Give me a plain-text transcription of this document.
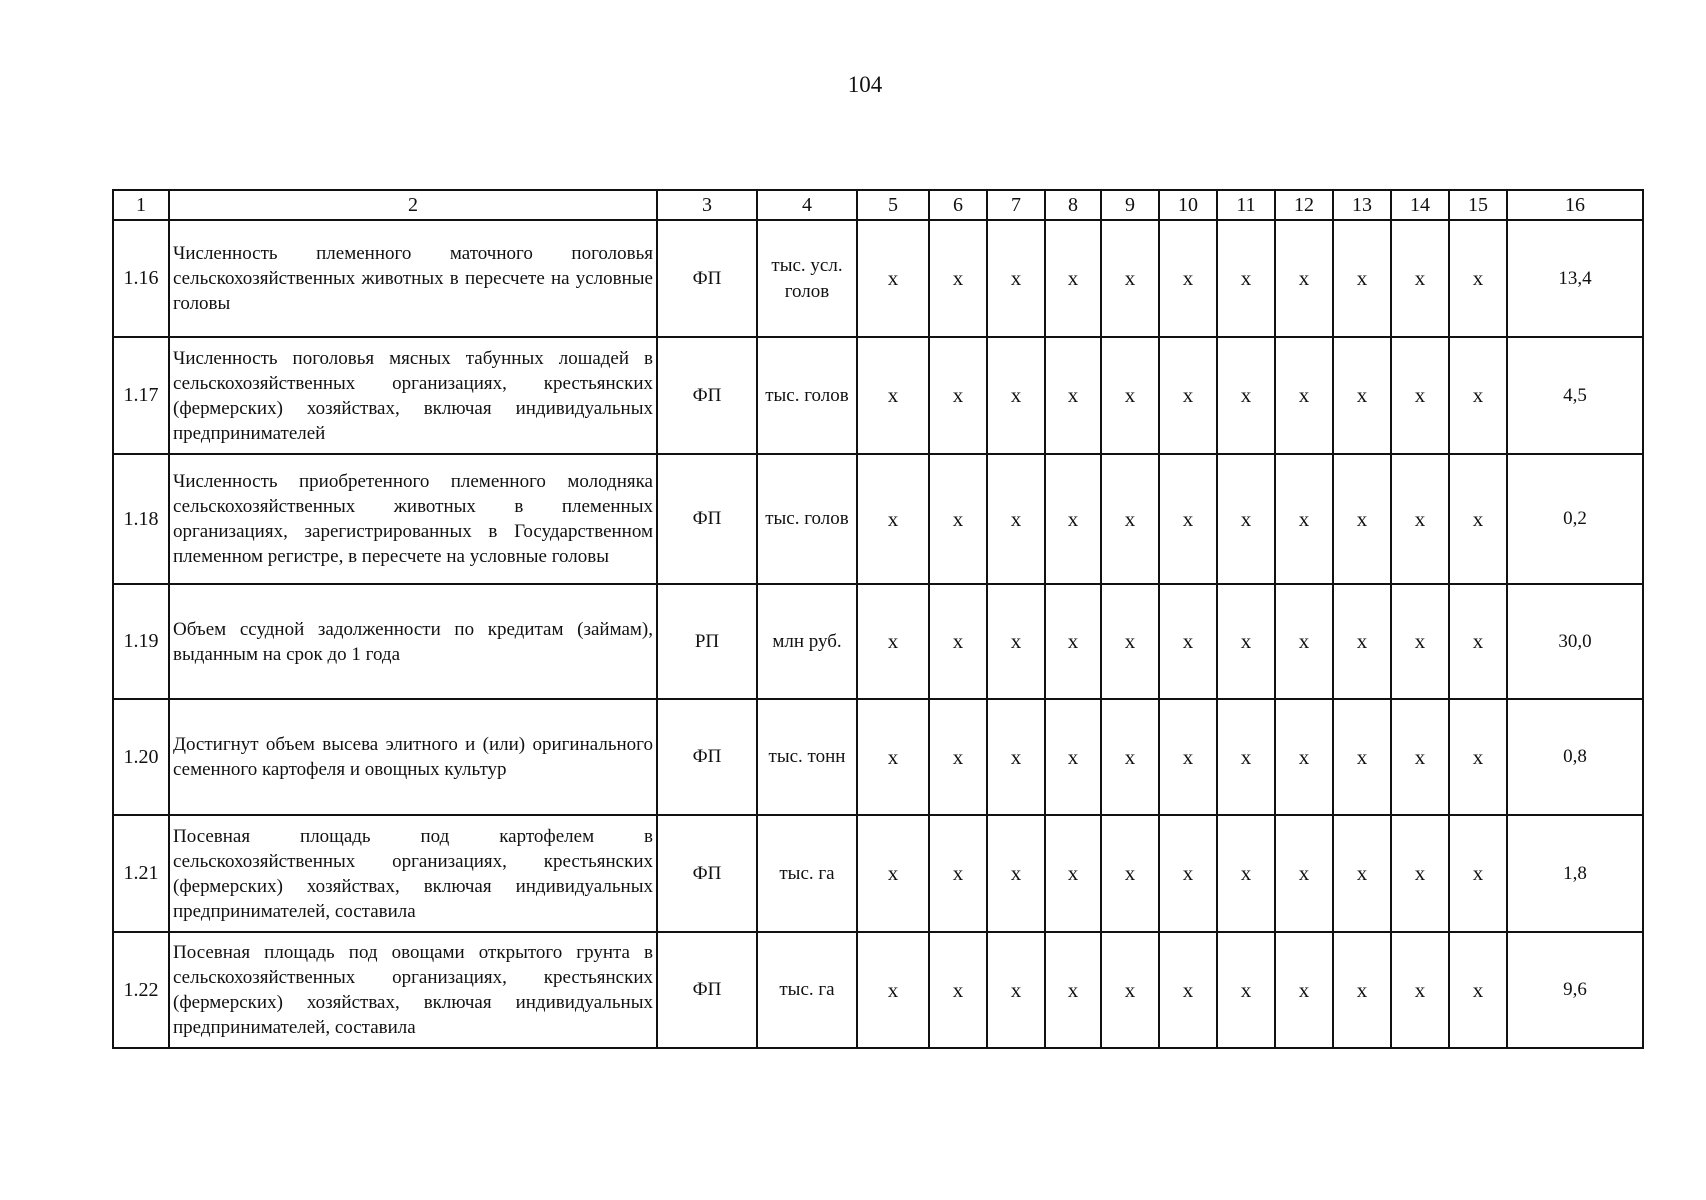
104
1	2	3	4	5	6	7	8	9	10	11	12	13	14	15	16
1.16	Численность племенного маточного поголовья сельскохозяйственных животных в пересчете на условные головы	ФП	тыс. усл. голов	х	х	х	х	х	х	х	х	х	х	х	13,4
1.17	Численность поголовья мясных табунных лошадей в сельскохозяйственных организациях, крестьянских (фермерских) хозяйствах, включая индивидуальных предпринимателей	ФП	тыс. голов	х	х	х	х	х	х	х	х	х	х	х	4,5
1.18	Численность приобретенного племенного молодняка сельскохозяйственных животных в племенных организациях, зарегистрированных в Государственном племенном регистре, в пересчете на условные головы	ФП	тыс. голов	х	х	х	х	х	х	х	х	х	х	х	0,2
1.19	Объем ссудной задолженности по кредитам (займам), выданным на срок до 1 года	РП	млн руб.	х	х	х	х	х	х	х	х	х	х	х	30,0
1.20	Достигнут объем высева элитного и (или) оригинального семенного картофеля и овощных культур	ФП	тыс. тонн	х	х	х	х	х	х	х	х	х	х	х	0,8
1.21	Посевная площадь под картофелем в сельскохозяйственных организациях, крестьянских (фермерских) хозяйствах, включая индивидуальных предпринимателей, составила	ФП	тыс. га	х	х	х	х	х	х	х	х	х	х	х	1,8
1.22	Посевная площадь под овощами открытого грунта в сельскохозяйственных организациях, крестьянских (фермерских) хозяйствах, включая индивидуальных предпринимателей, составила	ФП	тыс. га	х	х	х	х	х	х	х	х	х	х	х	9,6
